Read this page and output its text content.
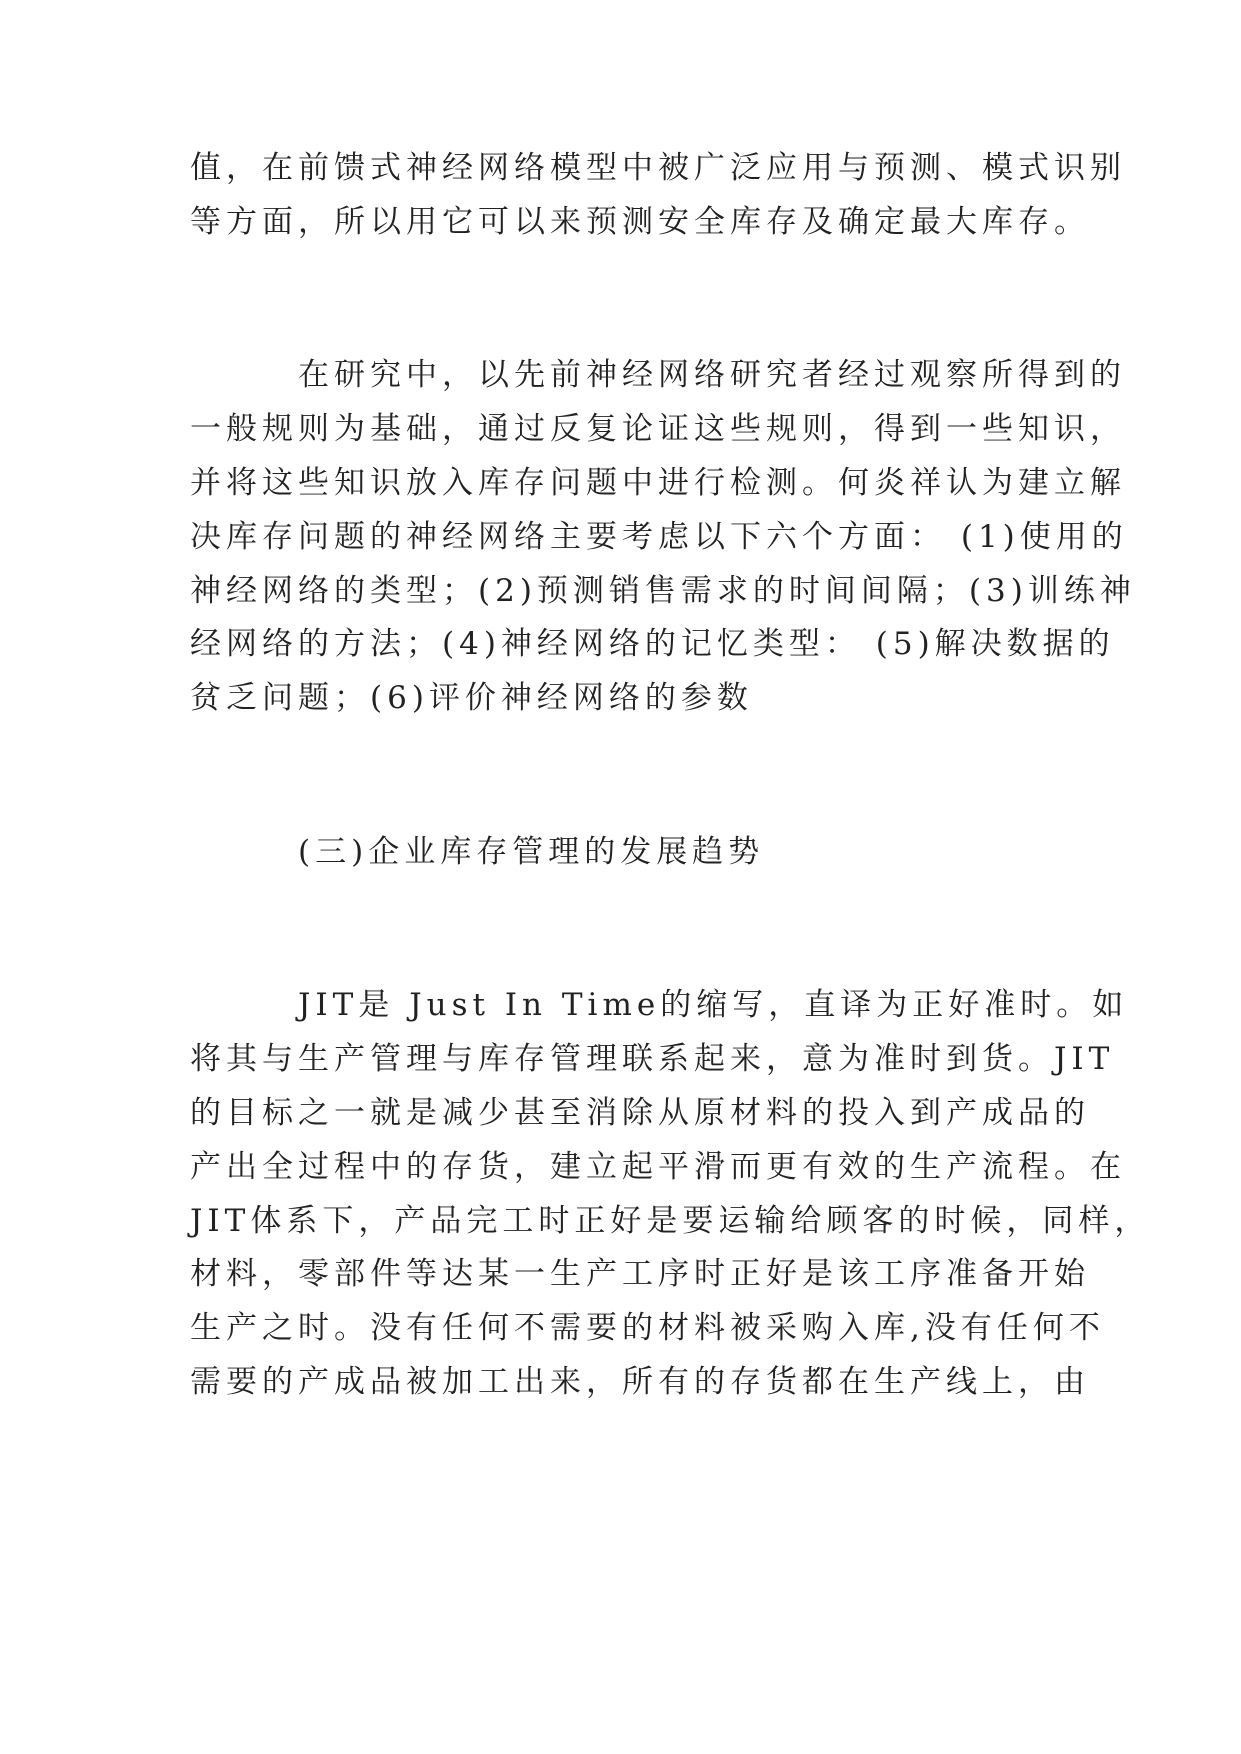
值，在前馈式神经网络模型中被广泛应用与预测、模式识别
等方面，所以用它可以来预测安全库存及确定最大库存。
在研究中，以先前神经网络研究者经过观察所得到的
一般规则为基础，通过反复论证这些规则，得到一些知识，
并将这些知识放入库存问题中进行检测。何炎祥认为建立解
决库存问题的神经网络主要考虑以下六个方面： (1)使用的
神经网络的类型；(2)预测销售需求的时间间隔；(3)训练神
经网络的方法；(4)神经网络的记忆类型： (5)解决数据的
贫乏问题；(6)评价神经网络的参数
(三)企业库存管理的发展趋势
JIT是 Just In Time的缩写，直译为正好准时。如
将其与生产管理与库存管理联系起来，意为准时到货。JIT
的目标之一就是减少甚至消除从原材料的投入到产成品的
产出全过程中的存货，建立起平滑而更有效的生产流程。在
JIT体系下，产品完工时正好是要运输给顾客的时候，同样，
材料，零部件等达某一生产工序时正好是该工序准备开始
生产之时。没有任何不需要的材料被采购入库,没有任何不
需要的产成品被加工出来，所有的存货都在生产线上，由
